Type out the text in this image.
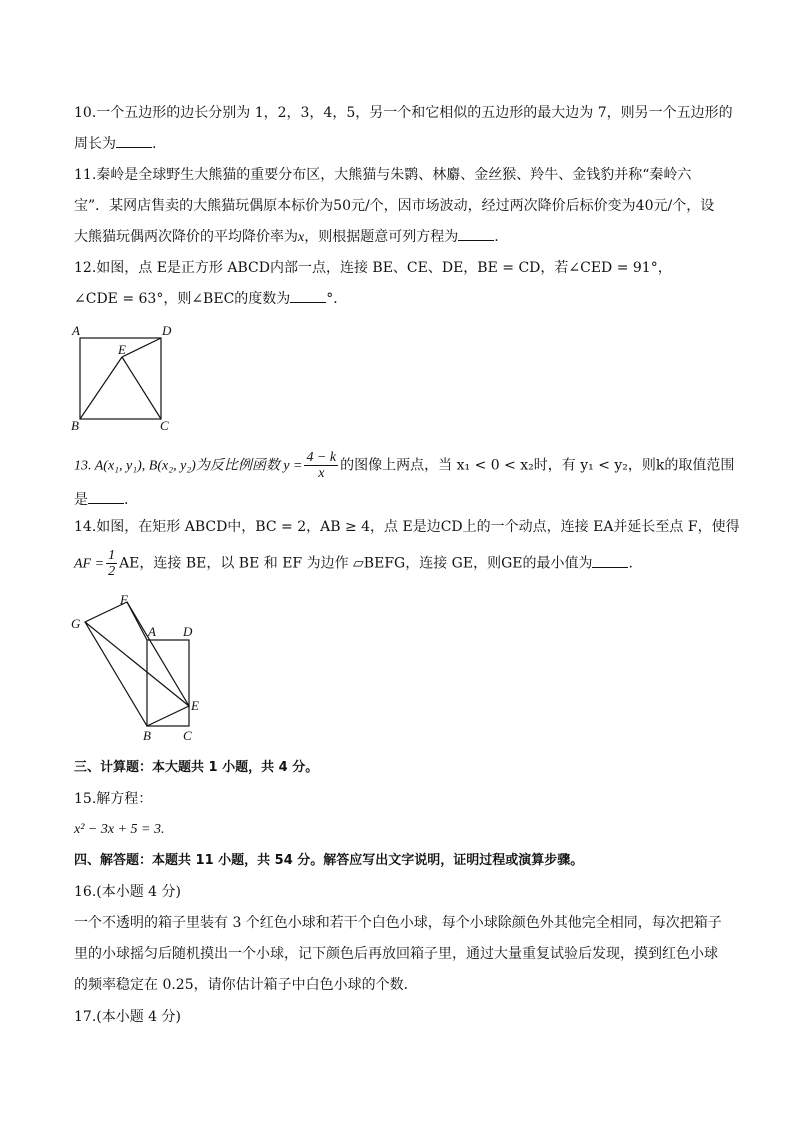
10.一个五边形的边长分别为 1，2，3，4，5，另一个和它相似的五边形的最大边为 7，则另一个五边形的
周长为	.
11.秦岭是全球野生大熊猫的重要分布区，大熊猫与朱鹮、林麝、金丝猴、羚牛、金钱豹并称“秦岭六
宝”．某网店售卖的大熊猫玩偶原本标价为50元/个，因市场波动，经过两次降价后标价变为40元/个，设
大熊猫玩偶两次降价的平均降价率为x，则根据题意可列方程为	.
12.如图，点 E是正方形 ABCD内部一点，连接 BE、CE、DE，BE = CD，若∠CED = 91°，
∠CDE = 63°，则∠BEC的度数为	°．
A	D
E
B	C
13. A(x₁, y₁), B(x₂, y₂)为反比例函数 $y = \frac{4 - k}{x}$ 的图像上两点，当 x₁ < 0 < x₂时，有 y₁ < y₂，则k的取值范围
是	.
14.如图，在矩形 ABCD中，BC = 2，AB ≥ 4，点 E是边CD上的一个动点，连接 EA并延长至点 F，使得
AF = $\frac{1}{2}$ AE，连接 BE，以 BE 和 EF 为边作 ▱BEFG，连接 GE，则GE的最小值为	.
F
G
A D
E
B C
三、计算题：本大题共 1 小题，共 4 分。
15.解方程：
x² − 3x + 5 = 3.
四、解答题：本题共 11 小题，共 54 分。解答应写出文字说明，证明过程或演算步骤。
16.(本小题 4 分)
一个不透明的箱子里装有 3 个红色小球和若干个白色小球，每个小球除颜色外其他完全相同，每次把箱子
里的小球摇匀后随机摸出一个小球，记下颜色后再放回箱子里，通过大量重复试验后发现，摸到红色小球
的频率稳定在 0.25，请你估计箱子中白色小球的个数．
17.(本小题 4 分)
